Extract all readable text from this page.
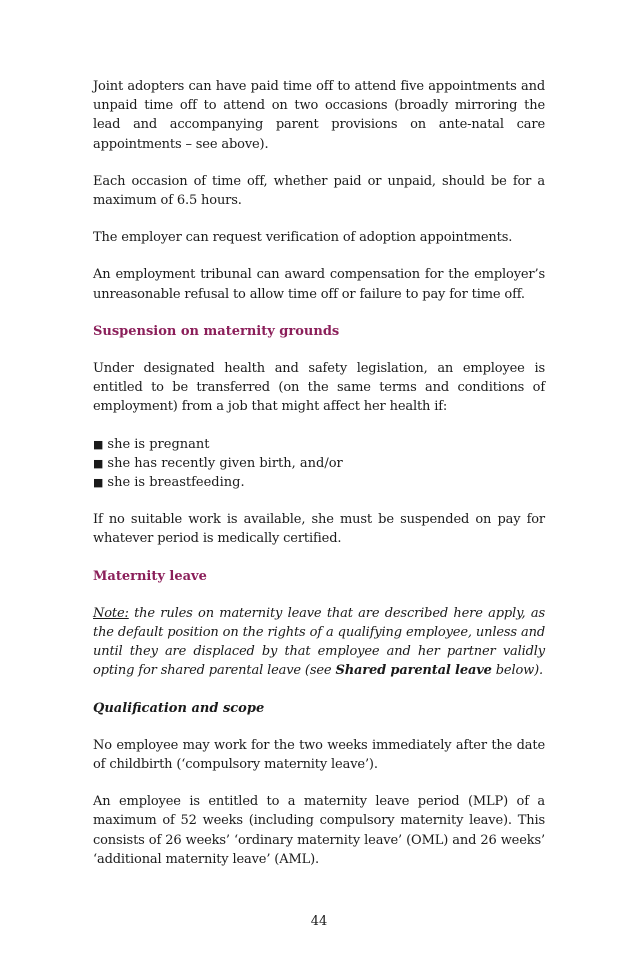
Joint adopters can have paid time off to attend five appointments and unpaid time off to attend on two occasions (broadly mirroring the lead and accompanying parent provisions on ante-natal care appointments – see above).

Each occasion of time off, whether paid or unpaid, should be for a maximum of 6.5 hours.

The employer can request verification of adoption appointments.

An employment tribunal can award compensation for the employer’s unreasonable refusal to allow time off or failure to pay for time off.

Suspension on maternity grounds

Under designated health and safety legislation, an employee is entitled to be transferred (on the same terms and conditions of employment) from a job that might affect her health if:

■ she is pregnant
■ she has recently given birth, and/or
■ she is breastfeeding.

If no suitable work is available, she must be suspended on pay for whatever period is medically certified.

Maternity leave

Note: the rules on maternity leave that are described here apply, as the default position on the rights of a qualifying employee, unless and until they are displaced by that employee and her partner validly opting for shared parental leave (see Shared parental leave below).

Qualification and scope

No employee may work for the two weeks immediately after the date of childbirth (‘compulsory maternity leave’).

An employee is entitled to a maternity leave period (MLP) of a maximum of 52 weeks (including compulsory maternity leave). This consists of 26 weeks’ ‘ordinary maternity leave’ (OML) and 26 weeks’ ‘additional maternity leave’ (AML).

44
